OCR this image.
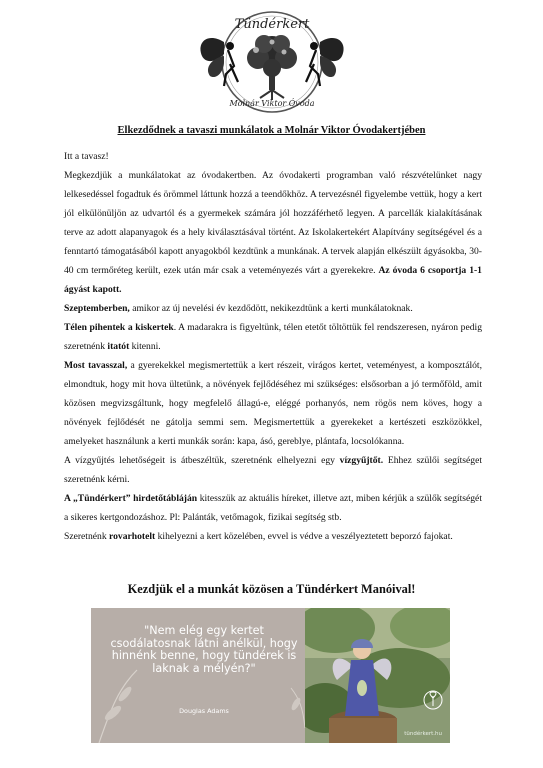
Tündérkert
Molnár Viktor Óvoda
Elkezdődnek a tavaszi munkálatok a Molnár Viktor Óvodakertjében

Itt a tavasz!

Megkezdjük a munkálatokat az óvodakertben. Az óvodakerti programban való részvételünket nagy lelkesedéssel fogadtuk és örömmel láttunk hozzá a teendőkhöz. A tervezésnél figyelembe vettük, hogy a kert jól elkülönüljön az udvartól és a gyermekek számára jól hozzáférhető legyen. A parcellák kialakításának terve az adott alapanyagok és a hely kiválasztásával történt. Az Iskolakertekért Alapítvány segítségével és a fenntartó támogatásából kapott anyagokból kezdtünk a munkának. A tervek alapján elkészült ágyásokba, 30-40 cm termőréteg került, ezek után már csak a veteményezés várt a gyerekekre. Az óvoda 6 csoportja 1-1 ágyást kapott.

Szeptemberben, amikor az új nevelési év kezdődött, nekikezdtünk a kerti munkálatoknak.

Télen pihentek a kiskertek. A madarakra is figyeltünk, télen etetőt töltöttük fel rendszeresen, nyáron pedig szeretnénk itatót kitenni.

Most tavasszal, a gyerekekkel megismertettük a kert részeit, virágos kertet, veteményest, a komposztálót, elmondtuk, hogy mit hova ültetünk, a növények fejlődéséhez mi szükséges: elsősorban a jó termőföld, amit közösen megvizsgáltunk, hogy megfelelő állagú-e, eléggé porhanyós, nem rögös nem köves, hogy a növények fejlődését ne gátolja semmi sem. Megismertettük a gyerekeket a kertészeti eszközökkel, amelyeket használunk a kerti munkák során: kapa, ásó, gereblye, plántafa, locsolókanna.

A vízgyűjtés lehetőségeit is átbeszéltük, szeretnénk elhelyezni egy vízgyűjtőt. Ehhez szülői segítséget szeretnénk kérni.

A „Tündérkert” hirdetőtábláján kitesszük az aktuális híreket, illetve azt, miben kérjük a szülők segítségét a sikeres kertgondozáshoz. Pl: Palánták, vetőmagok, fizikai segítség stb.

Szeretnénk rovarhotelt kihelyezni a kert közelében, evvel is védve a veszélyeztetett beporzó fajokat.

Kezdjük el a munkát közösen a Tündérkert Manóival!
"Nem elég egy kertet csodálatosnak látni anélkül, hogy hinnénk benne, hogy tündérek is laknak a mélyén?"
Douglas Adams
tündérkert.hu
